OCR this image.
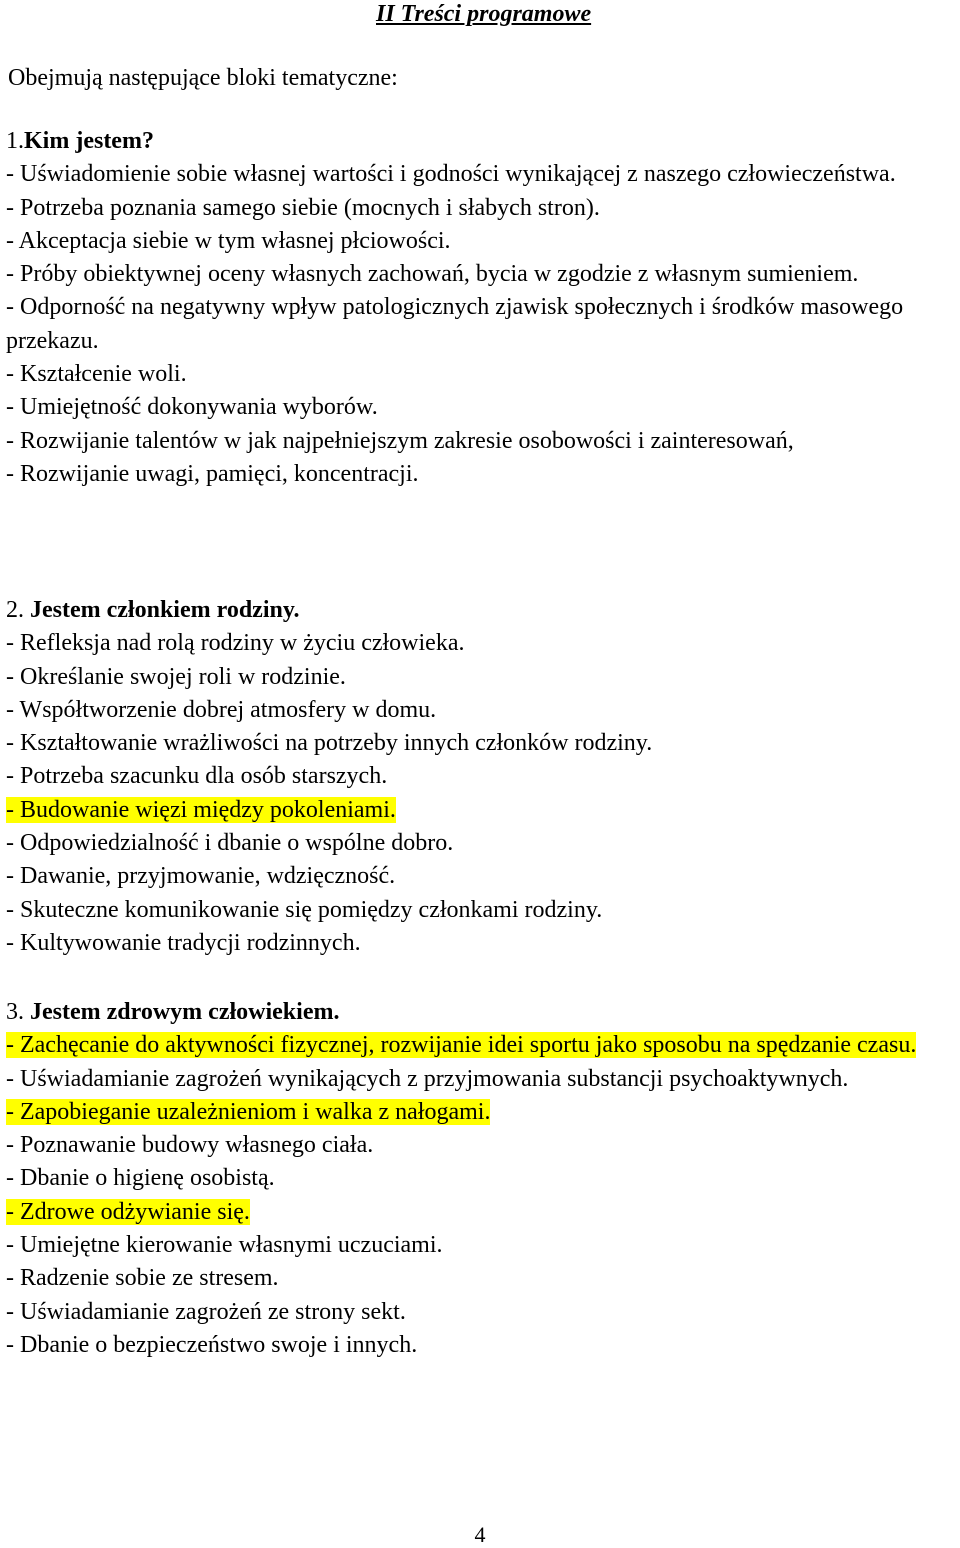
II Treści programowe
Obejmują następujące bloki tematyczne:
1.Kim jestem?
- Uświadomienie sobie własnej wartości i godności wynikającej z naszego człowieczeństwa.
- Potrzeba poznania samego siebie (mocnych i słabych stron).
- Akceptacja siebie w tym własnej płciowości.
- Próby obiektywnej oceny własnych zachowań, bycia w zgodzie z własnym sumieniem.
- Odporność na negatywny wpływ patologicznych zjawisk społecznych i środków masowego przekazu.
- Kształcenie woli.
- Umiejętność dokonywania wyborów.
- Rozwijanie talentów w jak najpełniejszym zakresie osobowości i zainteresowań,
- Rozwijanie uwagi, pamięci, koncentracji.
2. Jestem członkiem rodziny.
- Refleksja nad rolą rodziny w życiu człowieka.
- Określanie swojej roli w rodzinie.
- Współtworzenie dobrej atmosfery w domu.
- Kształtowanie wrażliwości na potrzeby innych członków rodziny.
- Potrzeba szacunku dla osób starszych.
- Budowanie więzi między pokoleniami.
- Odpowiedzialność i dbanie o wspólne dobro.
- Dawanie, przyjmowanie, wdzięczność.
- Skuteczne komunikowanie się pomiędzy członkami rodziny.
- Kultywowanie tradycji rodzinnych.
3. Jestem zdrowym człowiekiem.
- Zachęcanie do aktywności fizycznej, rozwijanie idei sportu jako sposobu na spędzanie czasu.
- Uświadamianie zagrożeń wynikających z przyjmowania substancji psychoaktywnych.
- Zapobieganie uzależnieniom i walka z nałogami.
- Poznawanie budowy własnego ciała.
- Dbanie o higienę osobistą.
- Zdrowe odżywianie się.
- Umiejętne kierowanie własnymi uczuciami.
- Radzenie sobie ze stresem.
- Uświadamianie zagrożeń ze strony sekt.
- Dbanie o bezpieczeństwo swoje i innych.
4
